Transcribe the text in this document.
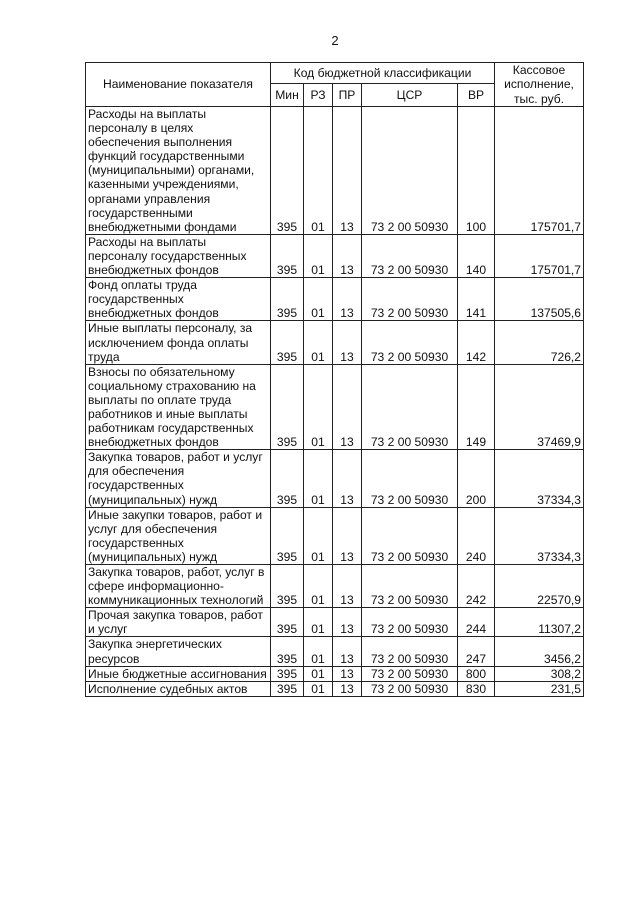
2
Наименование показателя	Код бюджетной классификации					Кассовое исполнение, тыс. руб.
	Мин	РЗ	ПР	ЦСР	ВР	
Расходы на выплаты персоналу в целях обеспечения выполнения функций государственными (муниципальными) органами, казенными учреждениями, органами управления государственными внебюджетными фондами	395	01	13	73 2 00 50930	100	175701,7
Расходы на выплаты персоналу государственных внебюджетных фондов	395	01	13	73 2 00 50930	140	175701,7
Фонд оплаты труда государственных внебюджетных фондов	395	01	13	73 2 00 50930	141	137505,6
Иные выплаты персоналу, за исключением фонда оплаты труда	395	01	13	73 2 00 50930	142	726,2
Взносы по обязательному социальному страхованию на выплаты по оплате труда работников и иные выплаты работникам государственных внебюджетных фондов	395	01	13	73 2 00 50930	149	37469,9
Закупка товаров, работ и услуг для обеспечения государственных (муниципальных) нужд	395	01	13	73 2 00 50930	200	37334,3
Иные закупки товаров, работ и услуг для обеспечения государственных (муниципальных) нужд	395	01	13	73 2 00 50930	240	37334,3
Закупка товаров, работ, услуг в сфере информационно-коммуникационных технологий	395	01	13	73 2 00 50930	242	22570,9
Прочая закупка товаров, работ и услуг	395	01	13	73 2 00 50930	244	11307,2
Закупка энергетических ресурсов	395	01	13	73 2 00 50930	247	3456,2
Иные бюджетные ассигнования	395	01	13	73 2 00 50930	800	308,2
Исполнение судебных актов	395	01	13	73 2 00 50930	830	231,5
